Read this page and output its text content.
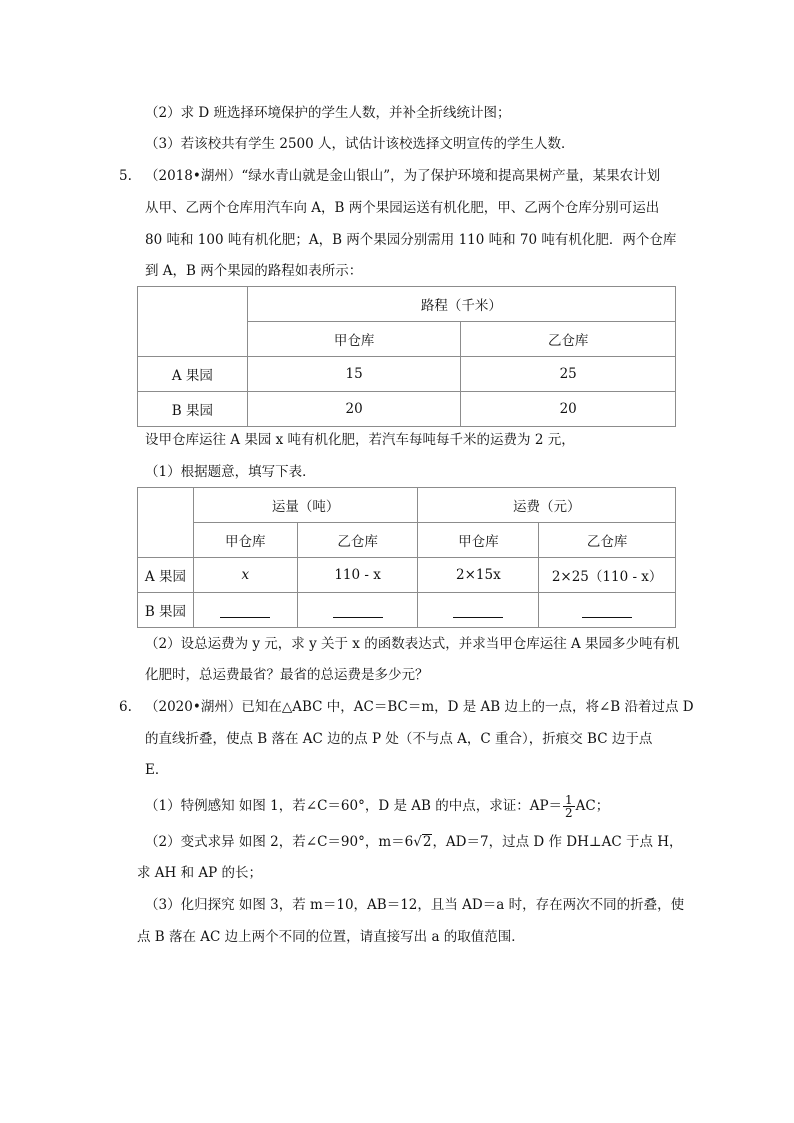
（2）求 D 班选择环境保护的学生人数，并补全折线统计图；
（3）若该校共有学生 2500 人，试估计该校选择文明宣传的学生人数．
5. （2018•湖州）“绿水青山就是金山银山”，为了保护环境和提高果树产量，某果农计划
从甲、乙两个仓库用汽车向 A，B 两个果园运送有机化肥，甲、乙两个仓库分别可运出
80 吨和 100 吨有机化肥；A，B 两个果园分别需用 110 吨和 70 吨有机化肥．两个仓库
到 A，B 两个果园的路程如表所示：
	路程（千米）	
	甲仓库	乙仓库
A 果园	15	25
B 果园	20	20
设甲仓库运往 A 果园 x 吨有机化肥，若汽车每吨每千米的运费为 2 元，
（1）根据题意，填写下表．
	运量（吨）		运费（元）	
	甲仓库	乙仓库	甲仓库	乙仓库
A 果园	x	110 - x	2×15x	2×25（110 - x）
B 果园				
（2）设总运费为 y 元，求 y 关于 x 的函数表达式，并求当甲仓库运往 A 果园多少吨有机
化肥时，总运费最省？最省的总运费是多少元？
6. （2020•湖州）已知在△ABC 中，AC＝BC＝m，D 是 AB 边上的一点，将∠B 沿着过点 D
的直线折叠，使点 B 落在 AC 边的点 P 处（不与点 A，C 重合），折痕交 BC 边于点
E．
（1）特例感知 如图 1，若∠C＝60°，D 是 AB 的中点，求证：$AP= \frac{1}{2}$ AC；
（2）变式求异 如图 2，若∠C＝90°，m＝6√2，AD＝7，过点 D 作 DH⊥AC 于点 H，
求 AH 和 AP 的长；
（3）化归探究 如图 3，若 m＝10，AB＝12，且当 AD＝a 时，存在两次不同的折叠，使
点 B 落在 AC 边上两个不同的位置，请直接写出 a 的取值范围．
